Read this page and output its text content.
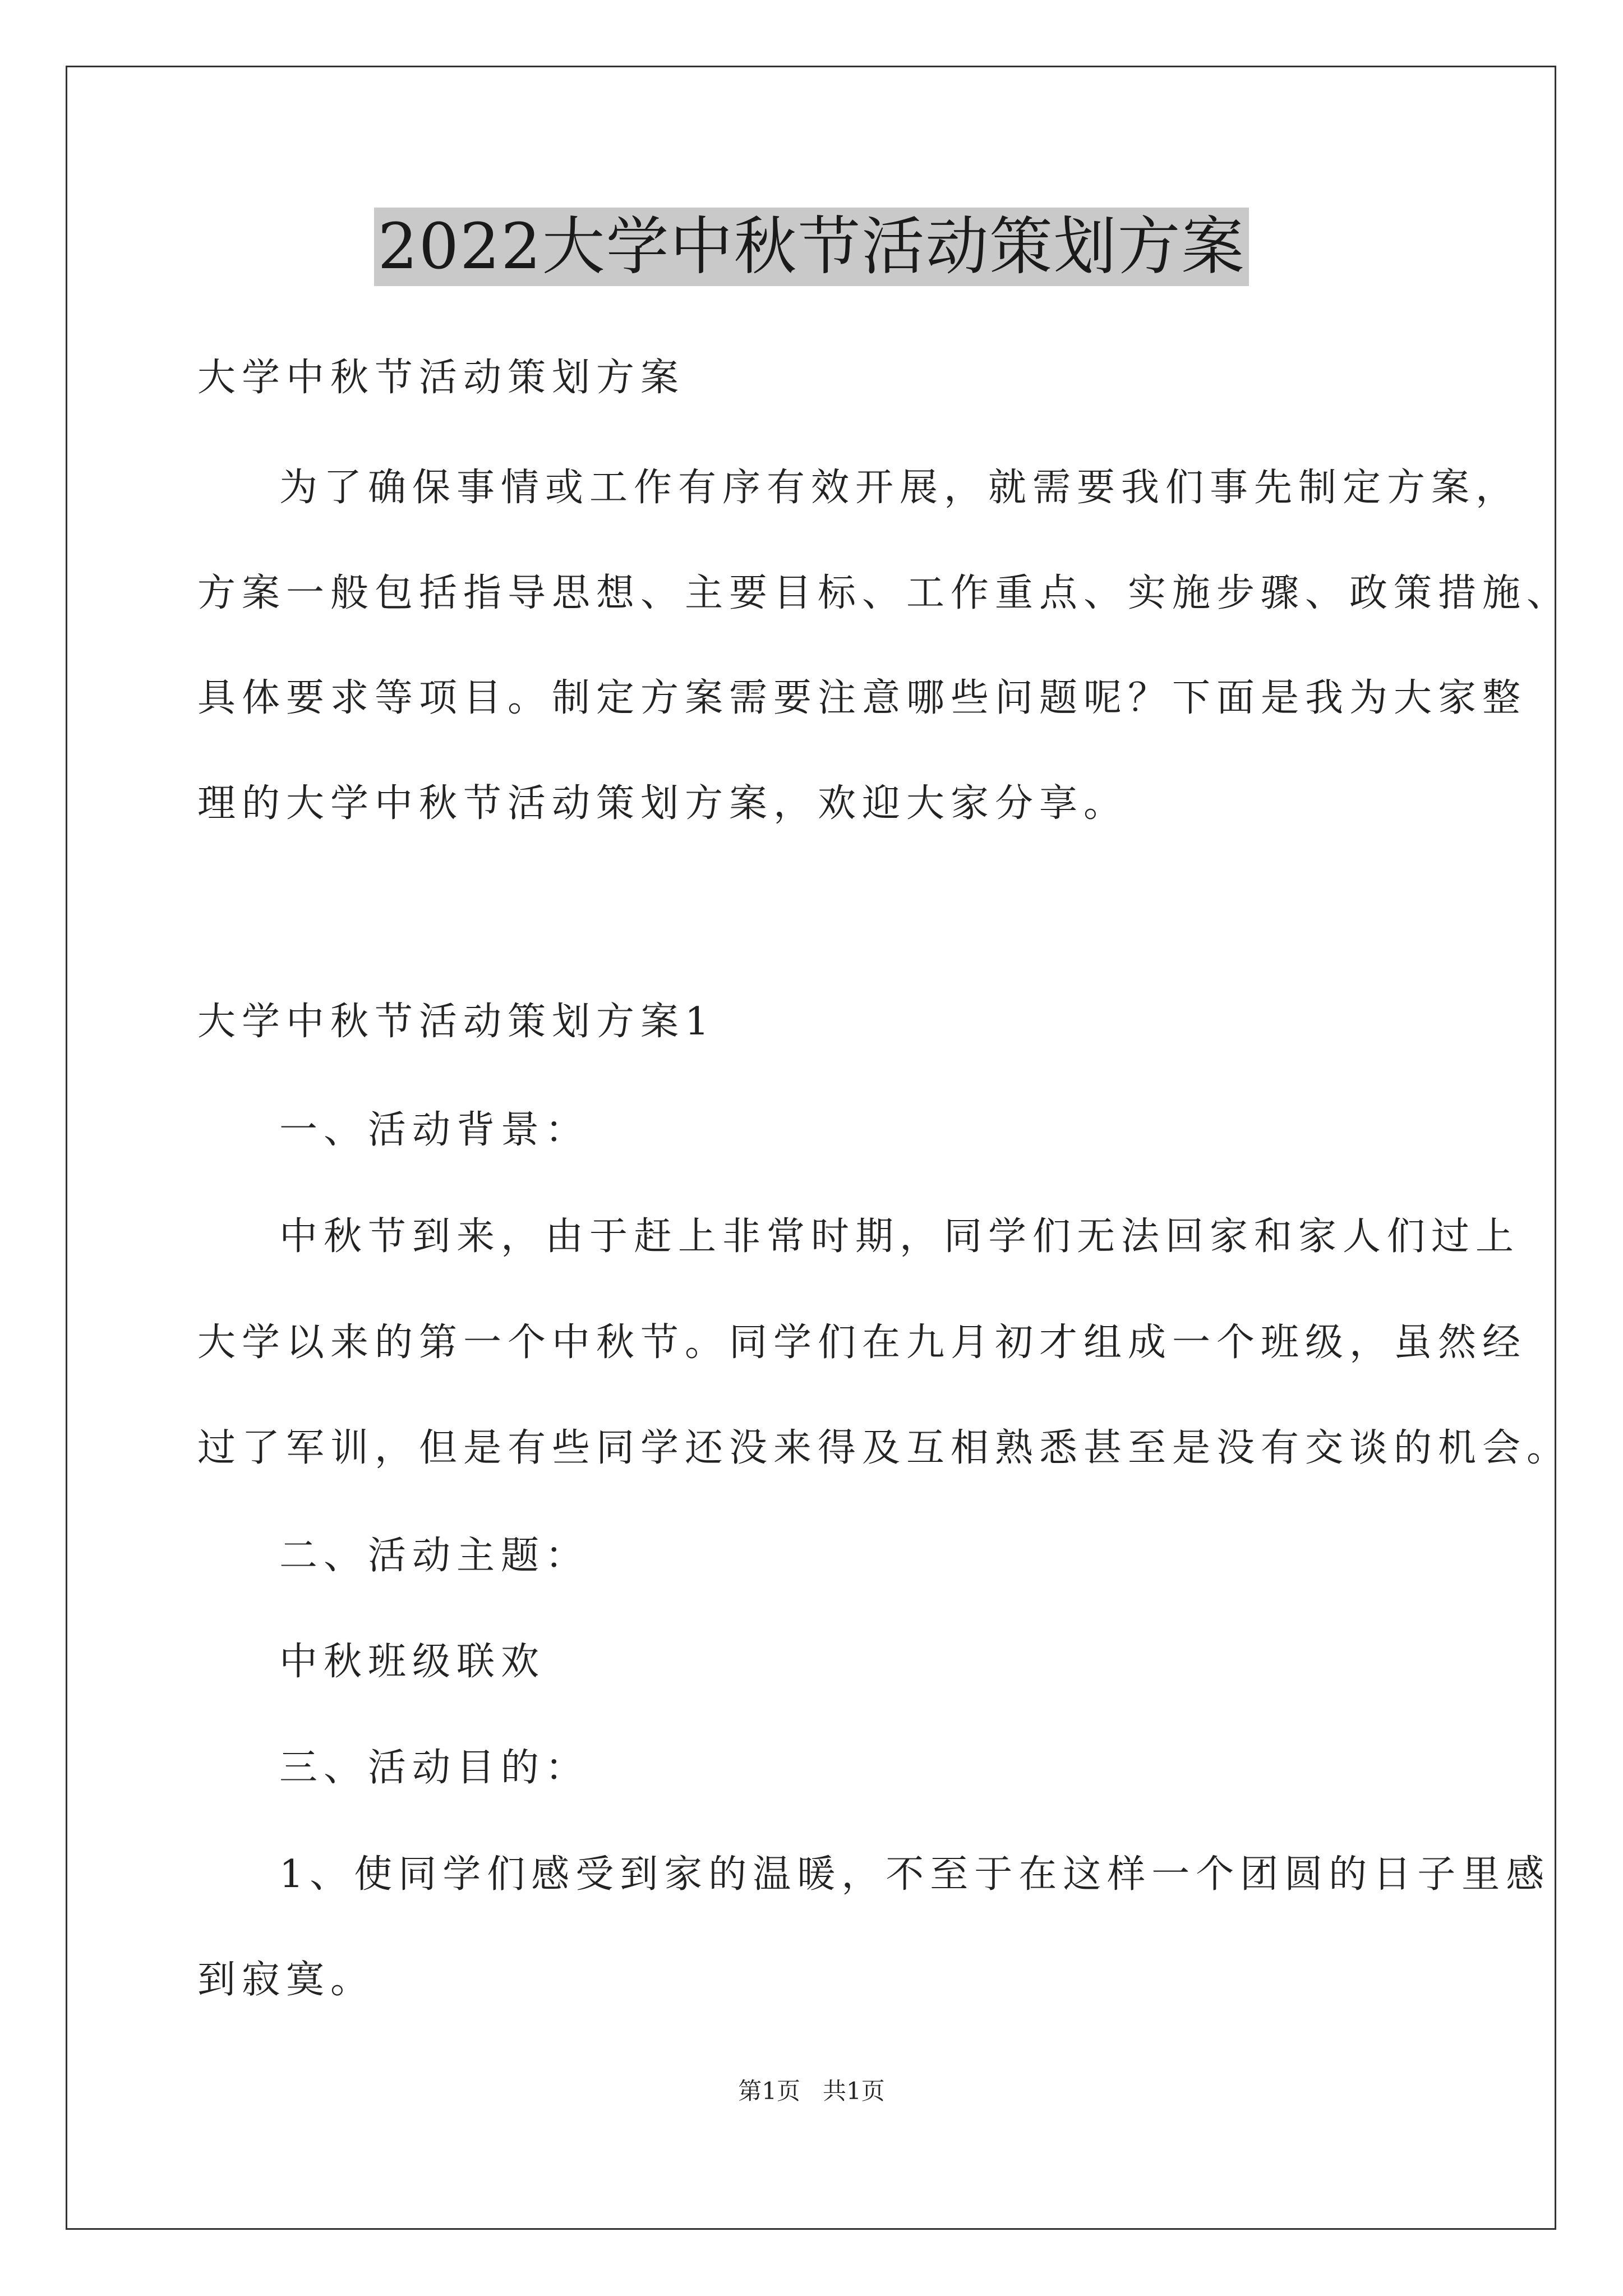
2022大学中秋节活动策划方案
大学中秋节活动策划方案
为了确保事情或工作有序有效开展，就需要我们事先制定方案，
方案一般包括指导思想、主要目标、工作重点、实施步骤、政策措施、
具体要求等项目。制定方案需要注意哪些问题呢？下面是我为大家整
理的大学中秋节活动策划方案，欢迎大家分享。
大学中秋节活动策划方案1
一、活动背景：
中秋节到来，由于赶上非常时期，同学们无法回家和家人们过上
大学以来的第一个中秋节。同学们在九月初才组成一个班级，虽然经
过了军训，但是有些同学还没来得及互相熟悉甚至是没有交谈的机会。
二、活动主题：
中秋班级联欢
三、活动目的：
1、使同学们感受到家的温暖，不至于在这样一个团圆的日子里感
到寂寞。
第1页   共1页
